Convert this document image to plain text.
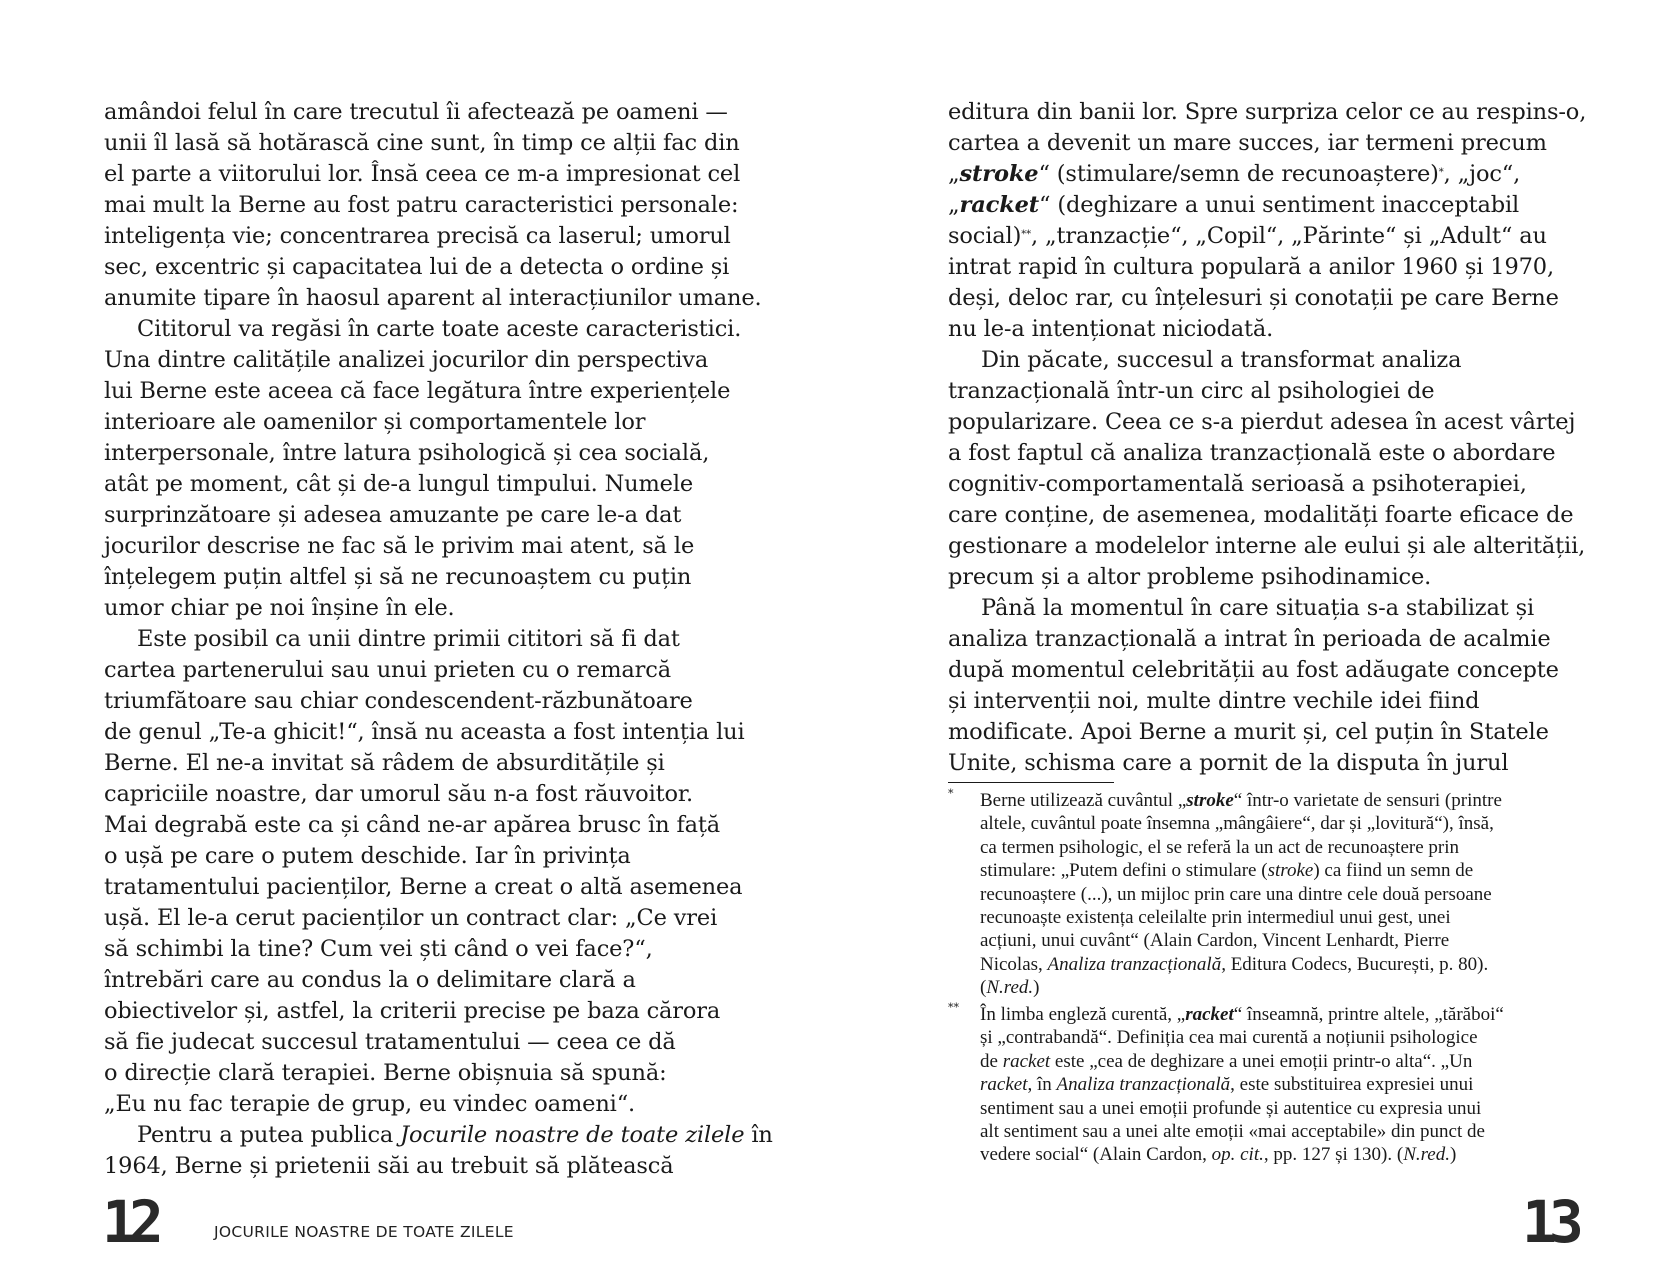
amândoi felul în care trecutul îi afectează pe oameni —
unii îl lasă să hotărască cine sunt, în timp ce alții fac din
el parte a viitorului lor. Însă ceea ce m-a impresionat cel
mai mult la Berne au fost patru caracteristici personale:
inteligența vie; concentrarea precisă ca laserul; umorul
sec, excentric și capacitatea lui de a detecta o ordine și
anumite tipare în haosul aparent al interacțiunilor umane.
Cititorul va regăsi în carte toate aceste caracteristici.
Una dintre calitățile analizei jocurilor din perspectiva
lui Berne este aceea că face legătura între experiențele
interioare ale oamenilor și comportamentele lor
interpersonale, între latura psihologică și cea socială,
atât pe moment, cât și de-a lungul timpului. Numele
surprinzătoare și adesea amuzante pe care le-a dat
jocurilor descrise ne fac să le privim mai atent, să le
înțelegem puțin altfel și să ne recunoaștem cu puțin
umor chiar pe noi înșine în ele.
Este posibil ca unii dintre primii cititori să fi dat
cartea partenerului sau unui prieten cu o remarcă
triumfătoare sau chiar condescendent-răzbunătoare
de genul „Te-a ghicit!“, însă nu aceasta a fost intenția lui
Berne. El ne-a invitat să râdem de absurditățile și
capriciile noastre, dar umorul său n-a fost răuvoitor.
Mai degrabă este ca și când ne-ar apărea brusc în față
o ușă pe care o putem deschide. Iar în privința
tratamentului pacienților, Berne a creat o altă asemenea
ușă. El le-a cerut pacienților un contract clar: „Ce vrei
să schimbi la tine? Cum vei ști când o vei face?“,
întrebări care au condus la o delimitare clară a
obiectivelor și, astfel, la criterii precise pe baza cărora
să fie judecat succesul tratamentului — ceea ce dă
o direcție clară terapiei. Berne obișnuia să spună:
„Eu nu fac terapie de grup, eu vindec oameni“.
Pentru a putea publica Jocurile noastre de toate zilele în
1964, Berne și prietenii săi au trebuit să plătească
12	JOCURILE NOASTRE DE TOATE ZILELE
editura din banii lor. Spre surpriza celor ce au respins-o,
cartea a devenit un mare succes, iar termeni precum
„stroke“ (stimulare/semn de recunoaștere)*, „joc“,
„racket“ (deghizare a unui sentiment inacceptabil
social)**, „tranzacție“, „Copil“, „Părinte“ și „Adult“ au
intrat rapid în cultura populară a anilor 1960 și 1970,
deși, deloc rar, cu înțelesuri și conotații pe care Berne
nu le-a intenționat niciodată.
Din păcate, succesul a transformat analiza
tranzacțională într-un circ al psihologiei de
popularizare. Ceea ce s-a pierdut adesea în acest vârtej
a fost faptul că analiza tranzacțională este o abordare
cognitiv-comportamentală serioasă a psihoterapiei,
care conține, de asemenea, modalități foarte eficace de
gestionare a modelelor interne ale eului și ale alterității,
precum și a altor probleme psihodinamice.
Până la momentul în care situația s-a stabilizat și
analiza tranzacțională a intrat în perioada de acalmie
după momentul celebrității au fost adăugate concepte
și intervenții noi, multe dintre vechile idei fiind
modificate. Apoi Berne a murit și, cel puțin în Statele
Unite, schisma care a pornit de la disputa în jurul
* Berne utilizează cuvântul „stroke“ într-o varietate de sensuri (printre
altele, cuvântul poate însemna „mângâiere“, dar și „lovitură“), însă,
ca termen psihologic, el se referă la un act de recunoaștere prin
stimulare: „Putem defini o stimulare (stroke) ca fiind un semn de
recunoaștere (...), un mijloc prin care una dintre cele două persoane
recunoaște existența celeilalte prin intermediul unui gest, unei
acțiuni, unui cuvânt“ (Alain Cardon, Vincent Lenhardt, Pierre
Nicolas, Analiza tranzacțională, Editura Codecs, București, p. 80).
(N.red.)
** În limba engleză curentă, „racket“ înseamnă, printre altele, „tărăboi“
și „contrabandă“. Definiția cea mai curentă a noțiunii psihologice
de racket este „cea de deghizare a unei emoții printr-o alta“. „Un
racket, în Analiza tranzacțională, este substituirea expresiei unui
sentiment sau a unei emoții profunde și autentice cu expresia unui
alt sentiment sau a unei alte emoții «mai acceptabile» din punct de
vedere social“ (Alain Cardon, op. cit., pp. 127 și 130). (N.red.)
13
